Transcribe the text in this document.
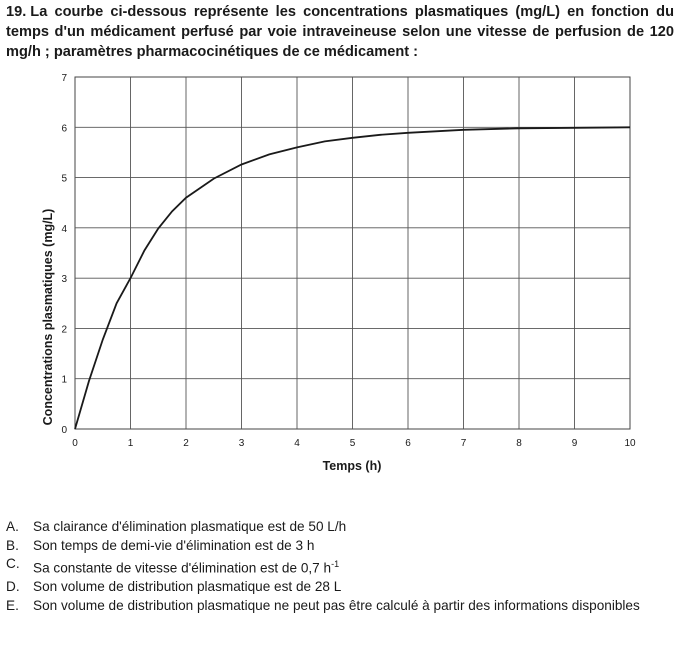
19. La courbe ci-dessous représente les concentrations plasmatiques (mg/L) en fonction du temps d'un médicament perfusé par voie intraveineuse selon une vitesse de perfusion de 120 mg/h ; paramètres pharmacocinétiques de ce médicament :
0	1	2	3	4	5	6	7	8	9	10
0
1
2
3
4
5
6
7
Temps (h)
Concentrations plasmatiques (mg/L)
A.	Sa clairance d'élimination plasmatique est de 50 L/h
B.	Son temps de demi-vie d'élimination est de 3 h
C. Sa constante de vitesse d'élimination est de 0,7 $h^{-1}$
D. Son volume de distribution plasmatique est de 28 L
E.	Son volume de distribution plasmatique ne peut pas être calculé à partir des informations disponibles
